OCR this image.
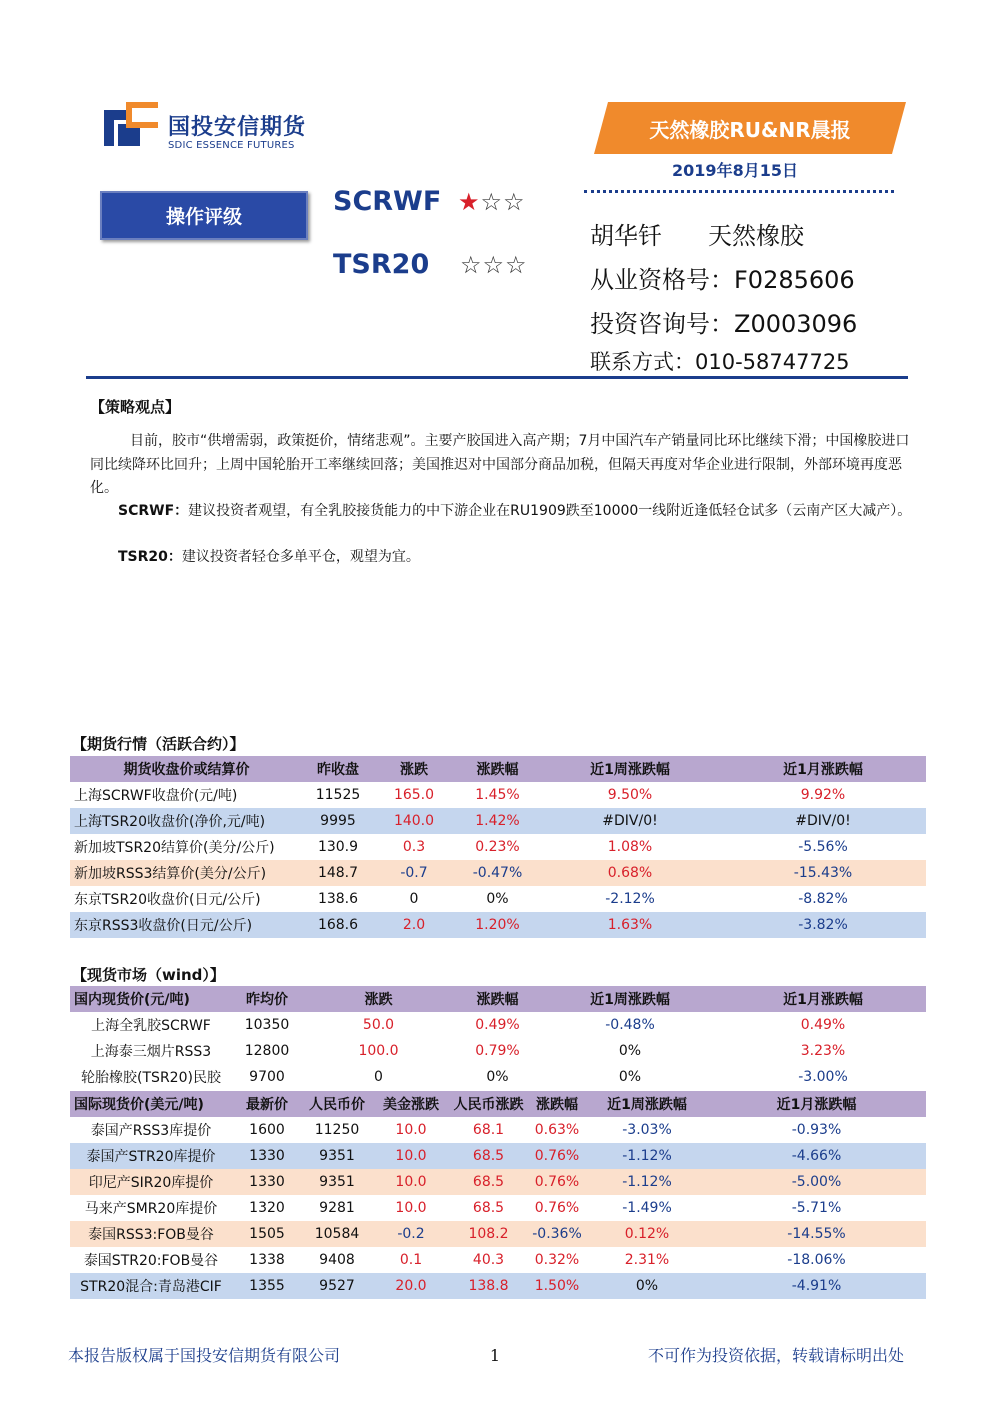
国投安信期货
SDIC ESSENCE FUTURES
天然橡胶RU&NR晨报
2019年8月15日
操作评级	SCRWF ★☆☆
TSR20 ☆☆☆
胡华钎 天然橡胶
从业资格号：F0285606
投资咨询号：Z0003096
联系方式：010-58747725
【策略观点】
目前，胶市“供增需弱，政策挺价，情绪悲观”。主要产胶国进入高产期；7月中国汽车产销量同比环比继续下滑；中国橡胶进口同比续降环比回升；上周中国轮胎开工率继续回落；美国推迟对中国部分商品加税，但隔天再度对华企业进行限制，外部环境再度恶化。
SCRWF：建议投资者观望，有全乳胶接货能力的中下游企业在RU1909跌至10000一线附近逢低轻仓试多（云南产区大减产）。
TSR20：建议投资者轻仓多单平仓，观望为宜。
【期货行情（活跃合约）】
期货收盘价或结算价	昨收盘	涨跌	涨跌幅	近1周涨跌幅	近1月涨跌幅
上海SCRWF收盘价(元/吨)	11525	165.0	1.45%	9.50%	9.92%
上海TSR20收盘价(净价,元/吨)	9995	140.0	1.42%	#DIV/0!	#DIV/0!
新加坡TSR20结算价(美分/公斤)	130.9	0.3	0.23%	1.08%	-5.56%
新加坡RSS3结算价(美分/公斤)	148.7	-0.7	-0.47%	0.68%	-15.43%
东京TSR20收盘价(日元/公斤)	138.6	0	0%	-2.12%	-8.82%
东京RSS3收盘价(日元/公斤)	168.6	2.0	1.20%	1.63%	-3.82%
【现货市场（wind）】
国内现货价(元/吨)	昨均价	涨跌	涨跌幅	近1周涨跌幅	近1月涨跌幅
上海全乳胶SCRWF	10350	50.0	0.49%	-0.48%	0.49%
上海泰三烟片RSS3	12800	100.0	0.79%	0%	3.23%
轮胎橡胶(TSR20)民胶	9700	0	0%	0%	-3.00%
国际现货价(美元/吨)	最新价	人民币价	美金涨跌	人民币涨跌	涨跌幅	近1周涨跌幅	近1月涨跌幅
泰国产RSS3库提价	1600	11250	10.0	68.1	0.63%	-3.03%	-0.93%
泰国产STR20库提价	1330	9351	10.0	68.5	0.76%	-1.12%	-4.66%
印尼产SIR20库提价	1330	9351	10.0	68.5	0.76%	-1.12%	-5.00%
马来产SMR20库提价	1320	9281	10.0	68.5	0.76%	-1.49%	-5.71%
泰国RSS3:FOB曼谷	1505	10584	-0.2	108.2	-0.36%	0.12%	-14.55%
泰国STR20:FOB曼谷	1338	9408	0.1	40.3	0.32%	2.31%	-18.06%
STR20混合:青岛港CIF	1355	9527	20.0	138.8	1.50%	0%	-4.91%
本报告版权属于国投安信期货有限公司	1	不可作为投资依据，转载请标明出处
